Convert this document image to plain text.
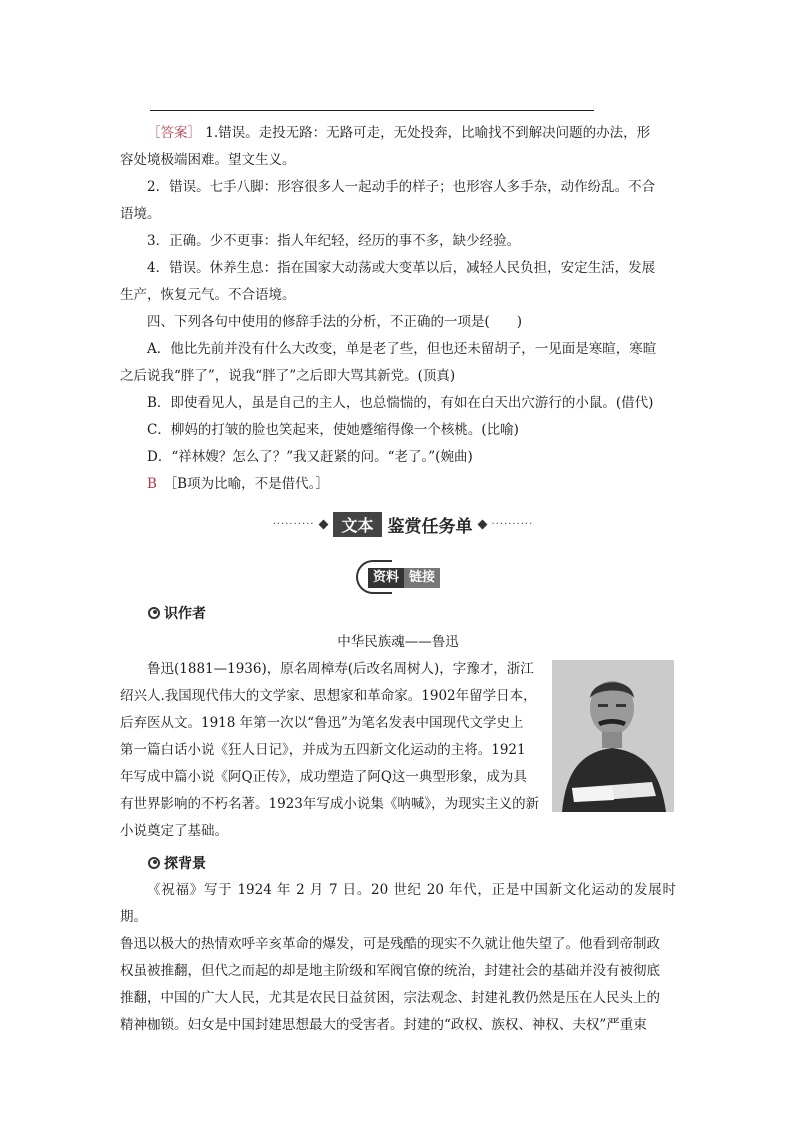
［答案］ 1.错误。走投无路：无路可走，无处投奔，比喻找不到解决问题的办法，形

容处境极端困难。望文生义。

2．错误。七手八脚：形容很多人一起动手的样子；也形容人多手杂，动作纷乱。不合

语境。

3．正确。少不更事：指人年纪轻，经历的事不多，缺少经验。

4．错误。休养生息：指在国家大动荡或大变革以后，减轻人民负担，安定生活，发展

生产，恢复元气。不合语境。

四、下列各句中使用的修辞手法的分析，不正确的一项是(　　)

A．他比先前并没有什么大改变，单是老了些，但也还未留胡子，一见面是寒暄，寒暄

之后说我“胖了”，说我“胖了”之后即大骂其新党。(顶真)

B．即使看见人，虽是自己的主人，也总惴惴的，有如在白天出穴游行的小鼠。(借代)

C．柳妈的打皱的脸也笑起来，使她蹙缩得像一个核桃。(比喻)

D．“祥林嫂？怎么了？”我又赶紧的问。“老了。”(婉曲)

B　 ［B项为比喻，不是借代。］

··········	文本 鉴赏任务单 ··········
资料 链接
识作者
中华民族魂——鲁迅

鲁迅(1881—1936)，原名周樟寿(后改名周树人)，字豫才，浙江

绍兴人.我国现代伟大的文学家、思想家和革命家。1902年留学日本，

后弃医从文。1918 年第一次以“鲁迅”为笔名发表中国现代文学史上

第一篇白话小说《狂人日记》，并成为五四新文化运动的主将。1921

年写成中篇小说《阿Q正传》，成功塑造了阿Q这一典型形象，成为具

有世界影响的不朽名著。1923年写成小说集《呐喊》，为现实主义的新

小说奠定了基础。
探背景

《祝福》写于 1924 年 2 月 7 日。20 世纪 20 年代，正是中国新文化运动的发展时期。

鲁迅以极大的热情欢呼辛亥革命的爆发，可是残酷的现实不久就让他失望了。他看到帝制政

权虽被推翻，但代之而起的却是地主阶级和军阀官僚的统治，封建社会的基础并没有被彻底

推翻，中国的广大人民，尤其是农民日益贫困，宗法观念、封建礼教仍然是压在人民头上的

精神枷锁。妇女是中国封建思想最大的受害者。封建的“政权、族权、神权、夫权”严重束
